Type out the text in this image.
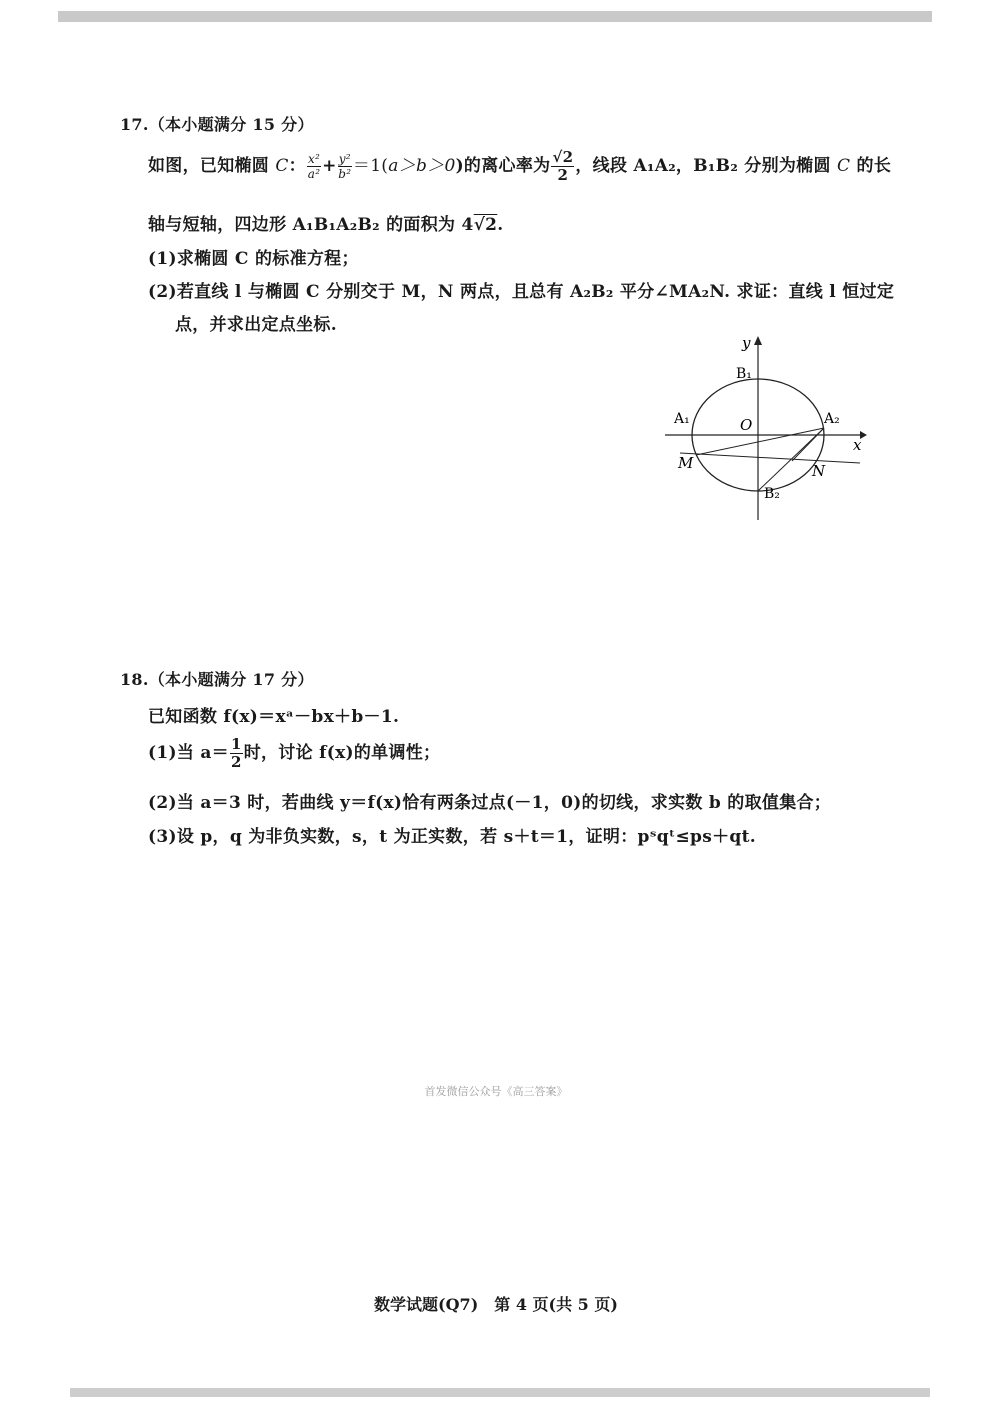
17.（本小题满分 15 分）
如图，已知椭圆 C： $\frac{\text{x²}}{\text{a²}} + \frac{\text{y²}}{\text{b²}} =1(a>b>0)$的离心率为 $\frac{√2}{2}$ ，线段 A₁A₂，B₁B₂ 分别为椭圆 C 的长
轴与短轴，四边形 A₁B₁A₂B₂ 的面积为 4√2.
(1)求椭圆 C 的标准方程；
(2)若直线 l 与椭圆 C 分别交于 M，N 两点，且总有 A₂B₂ 平分∠MA₂N. 求证：直线 l 恒过定
点，并求出定点坐标.
y
x
O
A₁	A₂
B₁
B₂
M	N
18.（本小题满分 17 分）
已知函数 f(x)＝xᵃ－bx＋b－1.
(1)当 $a= \frac{1}{2}$ 时，讨论 f(x)的单调性；
(2)当 a＝3 时，若曲线 y＝f(x)恰有两条过点(－1，0)的切线，求实数 b 的取值集合；
(3)设 p，q 为非负实数，s，t 为正实数，若 s＋t＝1，证明：pˢqᵗ≤ps＋qt.
首发微信公众号《高三答案》
数学试题(Q7)　第 4 页(共 5 页)
